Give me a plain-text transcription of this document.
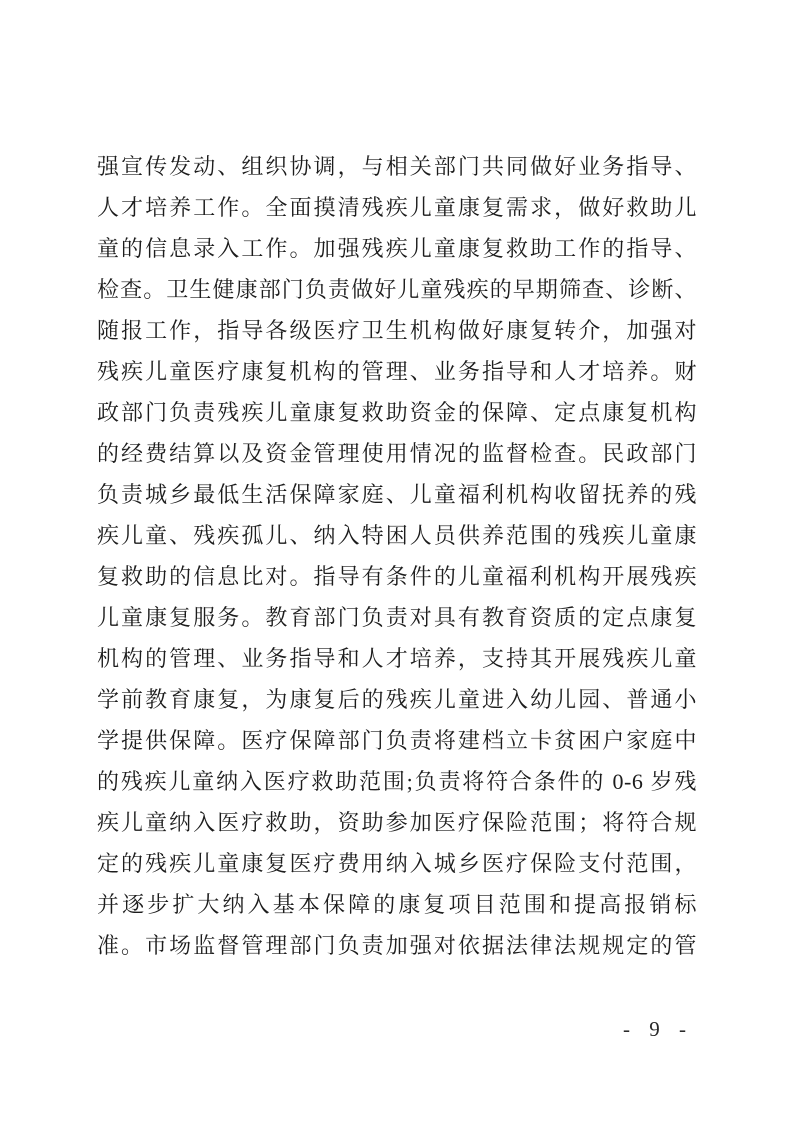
强宣传发动、组织协调，与相关部门共同做好业务指导、
人才培养工作。全面摸清残疾儿童康复需求，做好救助儿
童的信息录入工作。加强残疾儿童康复救助工作的指导、
检查。卫生健康部门负责做好儿童残疾的早期筛查、诊断、
随报工作，指导各级医疗卫生机构做好康复转介，加强对
残疾儿童医疗康复机构的管理、业务指导和人才培养。财
政部门负责残疾儿童康复救助资金的保障、定点康复机构
的经费结算以及资金管理使用情况的监督检查。民政部门
负责城乡最低生活保障家庭、儿童福利机构收留抚养的残
疾儿童、残疾孤儿、纳入特困人员供养范围的残疾儿童康
复救助的信息比对。指导有条件的儿童福利机构开展残疾
儿童康复服务。教育部门负责对具有教育资质的定点康复
机构的管理、业务指导和人才培养，支持其开展残疾儿童
学前教育康复，为康复后的残疾儿童进入幼儿园、普通小
学提供保障。医疗保障部门负责将建档立卡贫困户家庭中
的残疾儿童纳入医疗救助范围;负责将符合条件的 0-6 岁残
疾儿童纳入医疗救助，资助参加医疗保险范围；将符合规
定的残疾儿童康复医疗费用纳入城乡医疗保险支付范围，
并逐步扩大纳入基本保障的康复项目范围和提高报销标
准。市场监督管理部门负责加强对依据法律法规规定的管
- 9 -
